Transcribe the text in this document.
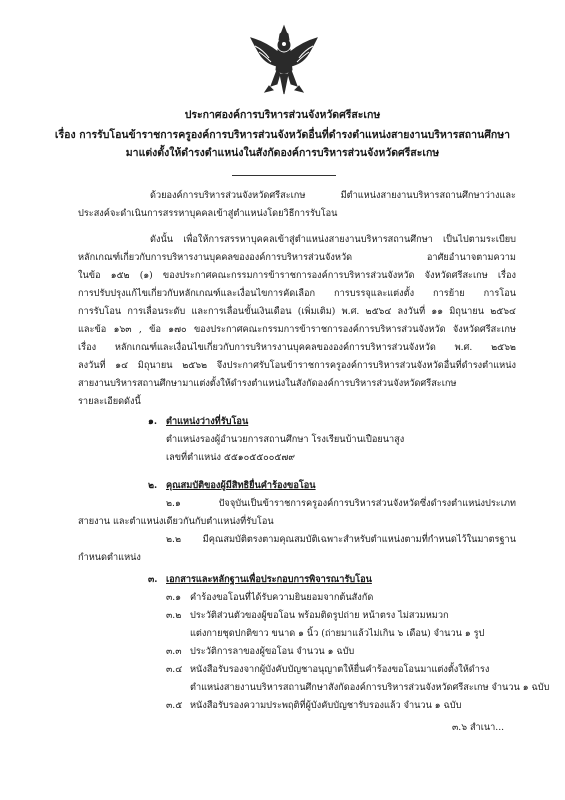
ประกาศองค์การบริหารส่วนจังหวัดศรีสะเกษ
เรื่อง การรับโอนข้าราชการครูองค์การบริหารส่วนจังหวัดอื่นที่ดำรงตำแหน่งสายงานบริหารสถานศึกษา
มาแต่งตั้งให้ดำรงตำแหน่งในสังกัดองค์การบริหารส่วนจังหวัดศรีสะเกษ
ด้วยองค์การบริหารส่วนจังหวัดศรีสะเกษ มีตำแหน่งสายงานบริหารสถานศึกษาว่างและ
ประสงค์จะดำเนินการสรรหาบุคคลเข้าสู่ตำแหน่งโดยวิธีการรับโอน
ดังนั้น เพื่อให้การสรรหาบุคคลเข้าสู่ตำแหน่งสายงานบริหารสถานศึกษา เป็นไปตามระเบียบ
หลักเกณฑ์เกี่ยวกับการบริหารงานบุคคลขององค์การบริหารส่วนจังหวัด อาศัยอำนาจตามความ
ในข้อ ๑๕๒ (๑) ของประกาศคณะกรรมการข้าราชการองค์การบริหารส่วนจังหวัด จังหวัดศรีสะเกษ เรื่อง
การปรับปรุงแก้ไขเกี่ยวกับหลักเกณฑ์และเงื่อนไขการคัดเลือก การบรรจุและแต่งตั้ง การย้าย การโอน
การรับโอน การเลื่อนระดับ และการเลื่อนขั้นเงินเดือน (เพิ่มเติม) พ.ศ. ๒๕๖๔ ลงวันที่ ๑๑ มิถุนายน ๒๕๖๔
และข้อ ๑๖๓ , ข้อ ๑๗๐ ของประกาศคณะกรรมการข้าราชการองค์การบริหารส่วนจังหวัด จังหวัดศรีสะเกษ
เรื่อง หลักเกณฑ์และเงื่อนไขเกี่ยวกับการบริหารงานบุคคลขององค์การบริหารส่วนจังหวัด พ.ศ. ๒๕๖๒
ลงวันที่ ๑๔ มิถุนายน ๒๕๖๒ จึงประกาศรับโอนข้าราชการครูองค์การบริหารส่วนจังหวัดอื่นที่ดำรงตำแหน่ง
สายงานบริหารสถานศึกษามาแต่งตั้งให้ดำรงตำแหน่งในสังกัดองค์การบริหารส่วนจังหวัดศรีสะเกษ
รายละเอียดดังนี้
๑. ตำแหน่งว่างที่รับโอน
ตำแหน่งรองผู้อำนวยการสถานศึกษา โรงเรียนบ้านเปือยนาสูง
เลขที่ตำแหน่ง ๕๕๑๐๕๕๐๐๕๗๙
๒. คุณสมบัติของผู้มีสิทธิยื่นคำร้องขอโอน
๒.๑ ปัจจุบันเป็นข้าราชการครูองค์การบริหารส่วนจังหวัดซึ่งดำรงตำแหน่งประเภท
สายงาน และตำแหน่งเดียวกันกับตำแหน่งที่รับโอน
๒.๒ มีคุณสมบัติตรงตามคุณสมบัติเฉพาะสำหรับตำแหน่งตามที่กำหนดไว้ในมาตรฐาน
กำหนดตำแหน่ง
๓. เอกสารและหลักฐานเพื่อประกอบการพิจารณารับโอน
๓.๑ คำร้องขอโอนที่ได้รับความยินยอมจากต้นสังกัด
๓.๒ ประวัติส่วนตัวของผู้ขอโอน พร้อมติดรูปถ่าย หน้าตรง ไม่สวมหมวก
แต่งกายชุดปกติขาว ขนาด ๑ นิ้ว (ถ่ายมาแล้วไม่เกิน ๖ เดือน) จำนวน ๑ รูป
๓.๓ ประวัติการลาของผู้ขอโอน จำนวน ๑ ฉบับ
๓.๔ หนังสือรับรองจากผู้บังคับบัญชาอนุญาตให้ยื่นคำร้องขอโอนมาแต่งตั้งให้ดำรง
ตำแหน่งสายงานบริหารสถานศึกษาสังกัดองค์การบริหารส่วนจังหวัดศรีสะเกษ จำนวน ๑ ฉบับ
๓.๕ หนังสือรับรองความประพฤติที่ผู้บังคับบัญชารับรองแล้ว จำนวน ๑ ฉบับ
๓.๖ สำเนา...
